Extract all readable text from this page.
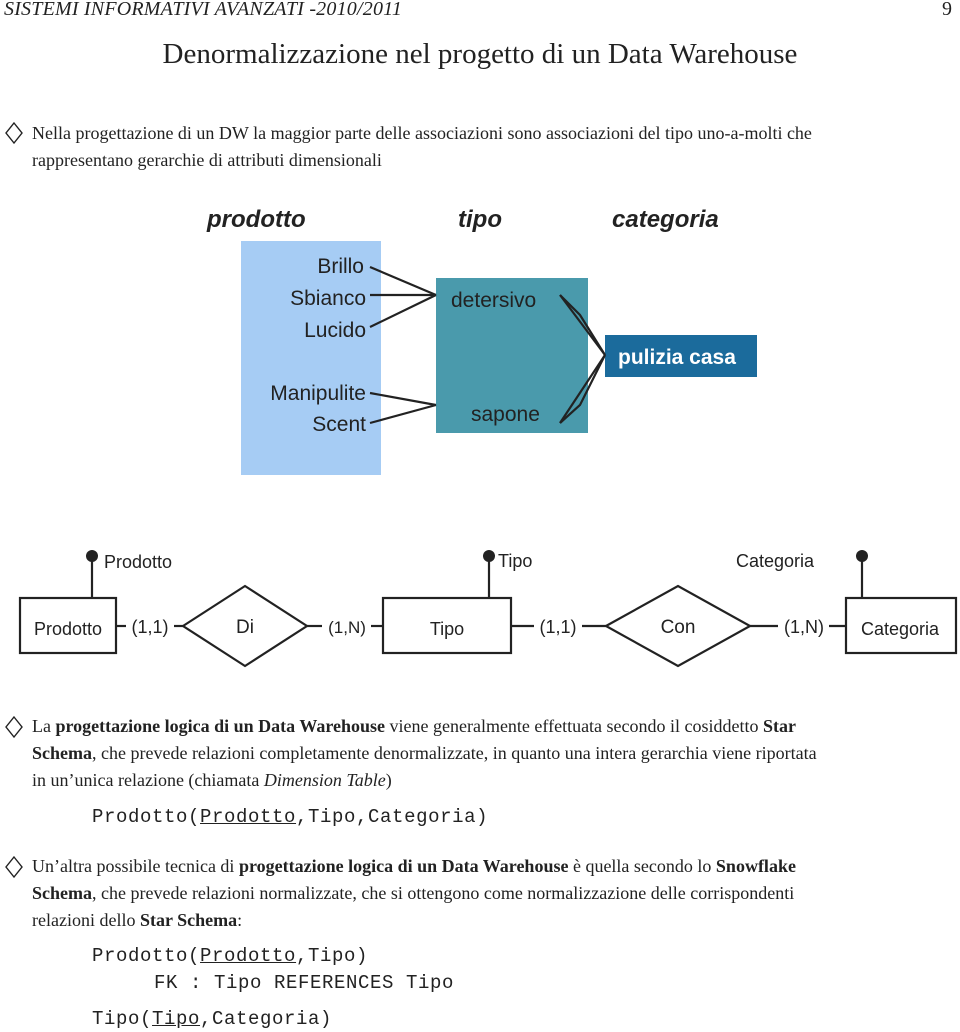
SISTEMI INFORMATIVI AVANZATI -2010/2011	9
Denormalizzazione nel progetto di un Data Warehouse
Nella progettazione di un DW la maggior parte delle associazioni sono associazioni del tipo uno-a-molti che
rappresentano gerarchie di attributi dimensionali
prodotto	tipo	categoria
Brillo
Sbianco
Lucido
Manipulite
Scent
detersivo
sapone
pulizia casa
Prodotto	Tipo	Categoria
Prodotto	Tipo	Categoria
Di	Con
(1,1)	(1,N)	(1,1)	(1,N)
La progettazione logica di un Data Warehouse viene generalmente effettuata secondo il cosiddetto Star
Schema, che prevede relazioni completamente denormalizzate, in quanto una intera gerarchia viene riportata
in un’unica relazione (chiamata Dimension Table)
Prodotto(Prodotto,Tipo,Categoria)
Un’altra possibile tecnica di progettazione logica di un Data Warehouse è quella secondo lo Snowflake
Schema, che prevede relazioni normalizzate, che si ottengono come normalizzazione delle corrispondenti
relazioni dello Star Schema:
Prodotto(Prodotto,Tipo)
FK : Tipo REFERENCES Tipo
Tipo(Tipo,Categoria)
